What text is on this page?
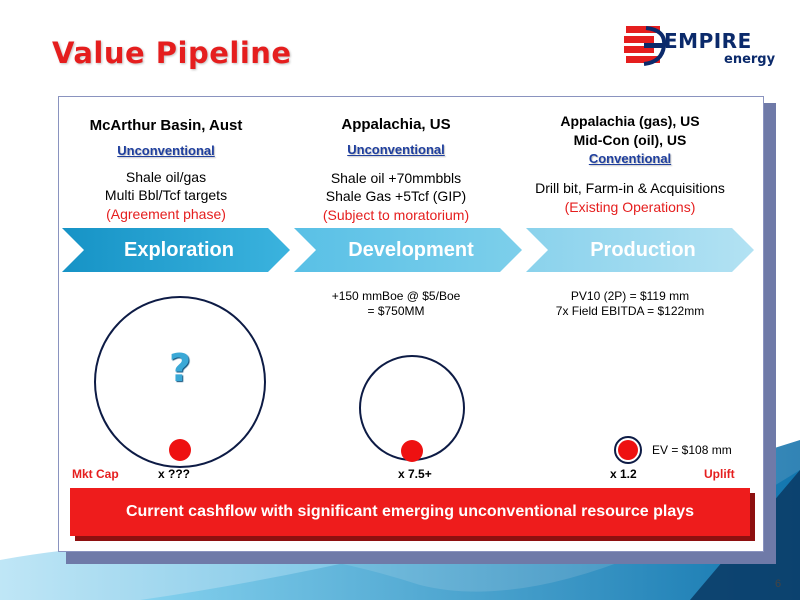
Value Pipeline	EMPIRE
energy
McArthur Basin, Aust
Unconventional
Shale oil/gas
Multi Bbl/Tcf targets
(Agreement phase)
Appalachia, US
Unconventional
Shale oil +70mmbbls
Shale Gas +5Tcf (GIP)
(Subject to moratorium)
Appalachia (gas), US
Mid-Con (oil), US
Conventional
Drill bit, Farm-in & Acquisitions
(Existing Operations)
Exploration	Development	Production
+150 mmBoe @ $5/Boe
= $750MM
PV10 (2P) = $119 mm
7x Field EBITDA = $122mm
?
EV = $108 mm
Mkt Cap	x ???	x 7.5+	x 1.2	Uplift
Current cashflow with significant emerging unconventional resource plays
6
